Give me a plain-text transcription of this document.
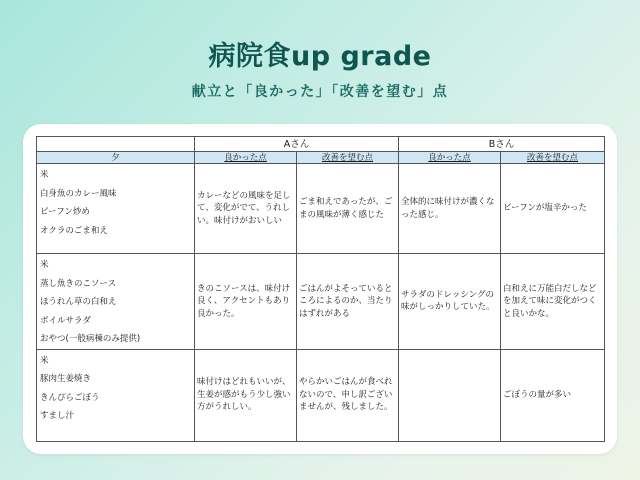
病院食up grade
献立と「良かった」「改善を望む」点
	Aさん		Bさん	
夕	良かった点	改善を望む点	良かった点	改善を望む点

米
白身魚のカレー風味
ビーフン炒め
オクラのごま和え	カレーなどの風味を足して、変化がでて、うれしい。味付けがおいしい	ごま和えであったが、ごまの風味が薄く感じた	全体的に味付けが濃くなった感じ。	ビーフンが塩辛かった

米
蒸し魚きのこソース
ほうれん草の白和え
ボイルサラダ
おやつ(一般病棟のみ提供)	きのこソースは、味付け良く、アクセントもあり良かった。	ごはんがよそっているところによるのか、当たりはずれがある	サラダのドレッシングの味がしっかりしていた。	白和えに万能白だしなどを加えて味に変化がつくと良いかな。

米
豚肉生姜焼き
きんぴらごぼう
すまし汁	味付けはどれもいいが、生姜が感がもう少し強い方がうれしい。	やらかいごはんが食べれないので、申し訳ございませんが、残しました。		ごぼうの量が多い
